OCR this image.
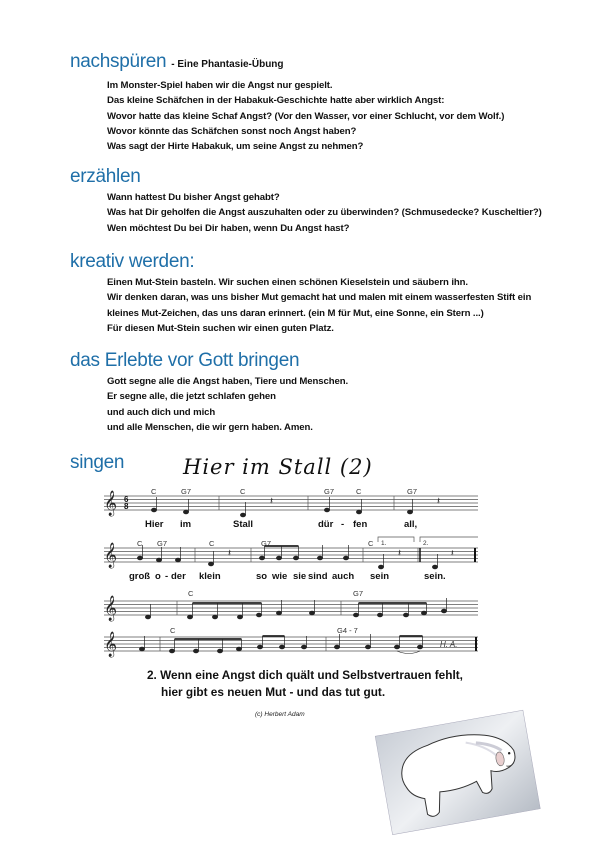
nachspüren - Eine Phantasie-Übung
Im Monster-Spiel haben wir die Angst nur gespielt.
Das kleine Schäfchen in der Habakuk-Geschichte hatte aber wirklich Angst:
Wovor hatte das kleine Schaf Angst? (Vor den Wasser, vor einer Schlucht, vor dem Wolf.)
Wovor könnte das Schäfchen sonst noch Angst haben?
Was sagt der Hirte Habakuk, um seine Angst zu nehmen?
erzählen
Wann hattest Du bisher Angst gehabt?
Was hat Dir geholfen die Angst auszuhalten oder zu überwinden? (Schmusedecke? Kuscheltier?)
Wen möchtest Du bei Dir haben, wenn Du Angst hast?
kreativ werden:
Einen Mut-Stein basteln. Wir suchen einen schönen Kieselstein und säubern ihn.
Wir denken daran, was uns bisher Mut gemacht hat und malen mit einem wasserfesten Stift ein
kleines Mut-Zeichen, das uns daran erinnert. (ein M für Mut, eine Sonne, ein Stern ...)
Für diesen Mut-Stein suchen wir einen guten Platz.
das Erlebte vor Gott bringen
Gott segne alle die Angst haben, Tiere und Menschen.
Er segne alle, die jetzt schlafen gehen
und auch dich und mich
und alle Menschen, die wir gern haben. Amen.
singen	Hier im Stall (2)
𝄞
𝄞
𝄞
𝄞
6
8
C	G7	C	G7	C	G7
C G7	C	G7	C 1.	2.
C	G7
C	G4 - 7
𝄽	𝄽
𝄽	𝄽	𝄽
H. A.
Hier im	Stall	dür - fen	all,
groß o - der klein	so wie sie sind auch sein	sein.
2. Wenn eine Angst dich quält und Selbstvertrauen fehlt,
hier gibt es neuen Mut - und das tut gut.
(c) Herbert Adam
